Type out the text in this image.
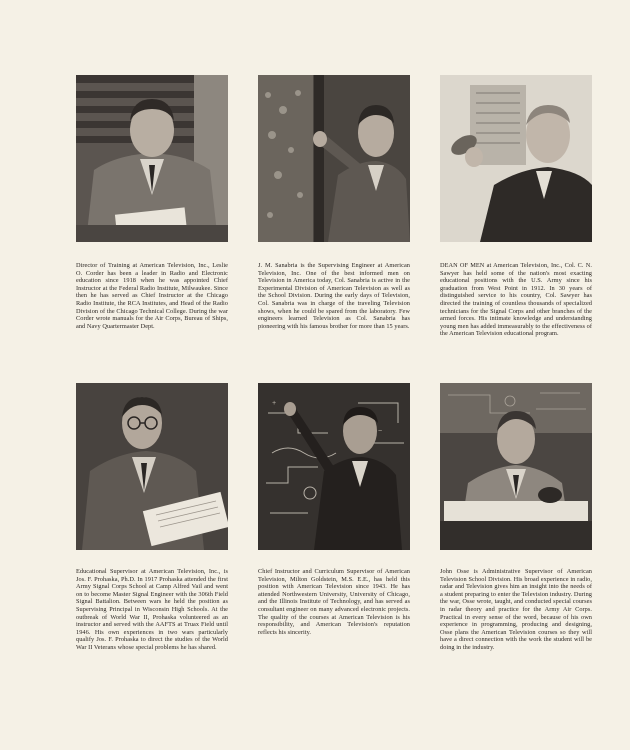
Director of Training at American Television, Inc., Leslie O. Corder has been a leader in Radio and Electronic education since 1918 when he was appointed Chief Instructor at the Federal Radio Institute, Milwaukee. Since then he has served as Chief Instructor at the Chicago Radio Institute, the RCA Institutes, and Head of the Radio Division of the Chicago Technical College. During the war Corder wrote manuals for the Air Corps, Bureau of Ships, and Navy Quartermaster Dept.
J. M. Sanabria is the Supervising Engineer at American Television, Inc. One of the best informed men on Television in America today, Col. Sanabria is active in the Experimental Division of American Television as well as the School Division. During the early days of Television, Col. Sanabria was in charge of the traveling Television shows, when he could be spared from the laboratory. Few engineers learned Television as Col. Sanabria has pioneering with his famous brother for more than 15 years.
DEAN OF MEN at American Television, Inc., Col. C. N. Sawyer has held some of the nation's most exacting educational positions with the U.S. Army since his graduation from West Point in 1912. In 30 years of distinguished service to his country, Col. Sawyer has directed the training of countless thousands of specialized technicians for the Signal Corps and other branches of the armed forces. His intimate knowledge and understanding young men has added immeasurably to the effectiveness of the American Television educational program.
Educational Supervisor at American Television, Inc., is Jos. F. Prohaska, Ph.D. In 1917 Prohaska attended the first Army Signal Corps School at Camp Alfred Vail and went on to become Master Signal Engineer with the 306th Field Signal Battalion. Between wars he held the position as Supervising Principal in Wisconsin High Schools. At the outbreak of World War II, Prohaska volunteered as an instructor and served with the AAFTS at Truax Field until 1946. His own experiences in two wars particularly qualify Jos. F. Prohaska to direct the studies of the World War II Veterans whose special problems he has shared.
+
~
Chief Instructor and Curriculum Supervisor of American Television, Milton Goldstein, M.S. E.E., has held this position with American Television since 1943. He has attended Northwestern University, University of Chicago, and the Illinois Institute of Technology, and has served as consultant engineer on many advanced electronic projects. The quality of the courses at American Television is his responsibility, and American Television's reputation reflects his sincerity.
John Osse is Administrative Supervisor of American Television School Division. His broad experience in radio, radar and Television gives him an insight into the needs of a student preparing to enter the Television industry. During the war, Osse wrote, taught, and conducted special courses in radar theory and practice for the Army Air Corps. Practical in every sense of the word, because of his own experience in programming, producing and designing, Osse plans the American Television courses so they will have a direct connection with the work the student will be doing in the industry.
